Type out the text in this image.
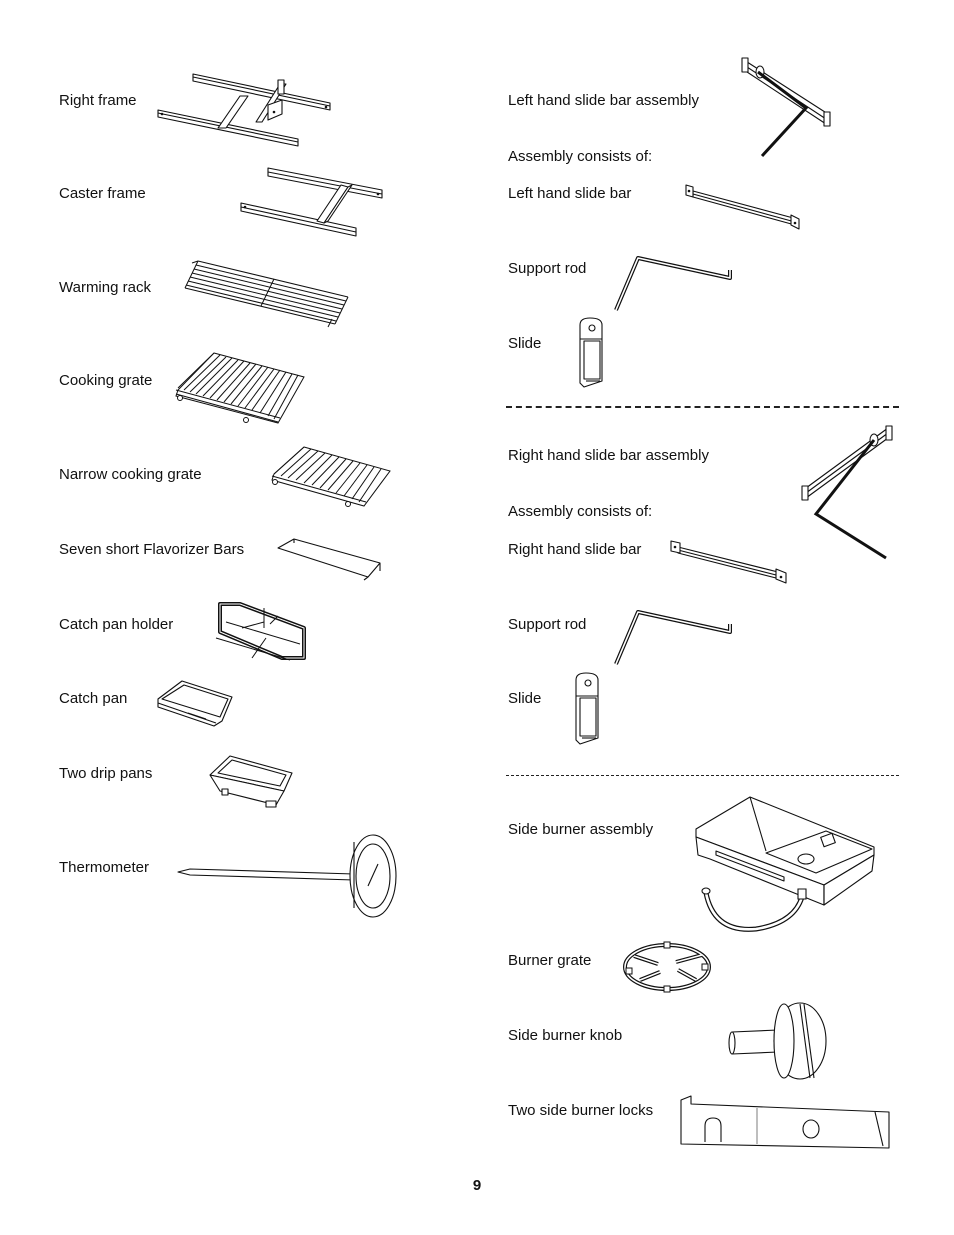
Right frame
Caster frame
Warming rack
Cooking grate
Narrow cooking grate
Seven short Flavorizer Bars
Catch pan holder
Catch pan
Two drip pans
Thermometer
Left hand slide bar assembly
Assembly consists of:
Left hand slide bar
Support rod
Slide
Right hand slide bar assembly
Assembly consists of:
Right hand slide bar
Support rod
Slide
Side burner assembly
Burner grate
Side burner knob
Two side burner locks
9
